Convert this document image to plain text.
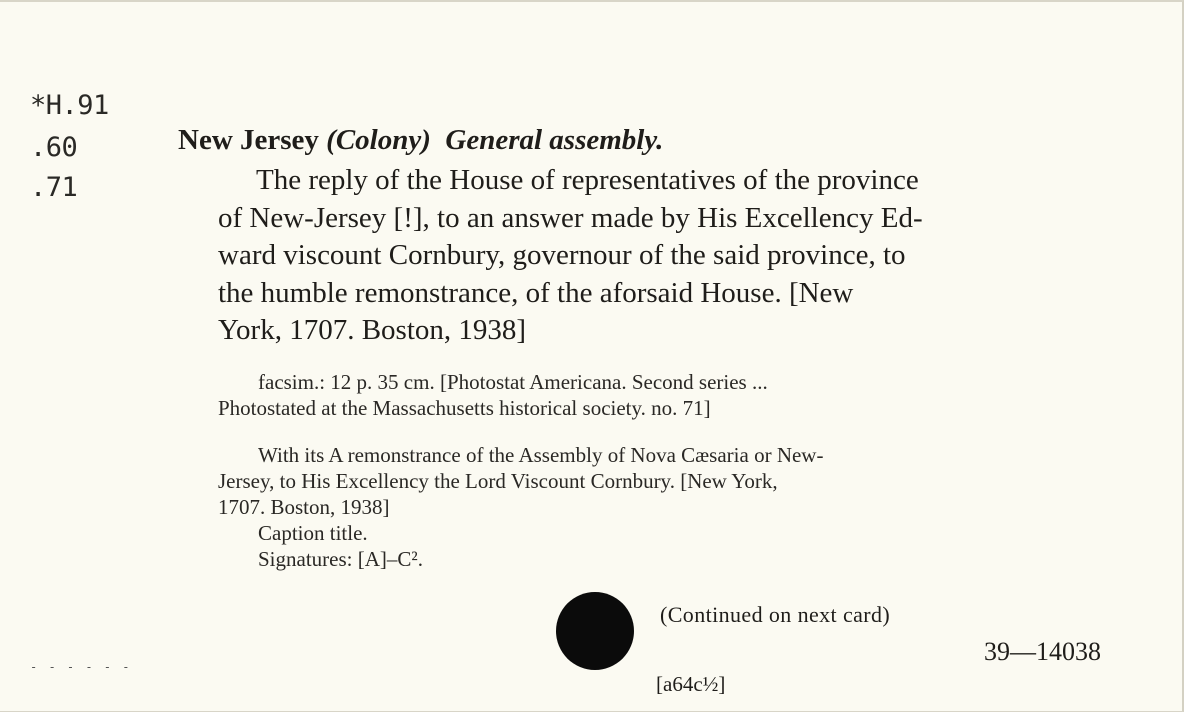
*H.91
.60
.71
New Jersey (Colony) General assembly.
The reply of the House of representatives of the province
of New-Jersey [!], to an answer made by His Excellency Ed-
ward viscount Cornbury, governour of the said province, to
the humble remonstrance, of the aforsaid House. [New
York, 1707. Boston, 1938]
facsim.: 12 p. 35 cm. [Photostat Americana. Second series ...
Photostated at the Massachusetts historical society. no. 71]
With its A remonstrance of the Assembly of Nova Cæsaria or New-
Jersey, to His Excellency the Lord Viscount Cornbury. [New York,
1707. Boston, 1938]
Caption title.
Signatures: [A]–C².
(Continued on next card)
39—14038
[a64c½]
- - - - - -
